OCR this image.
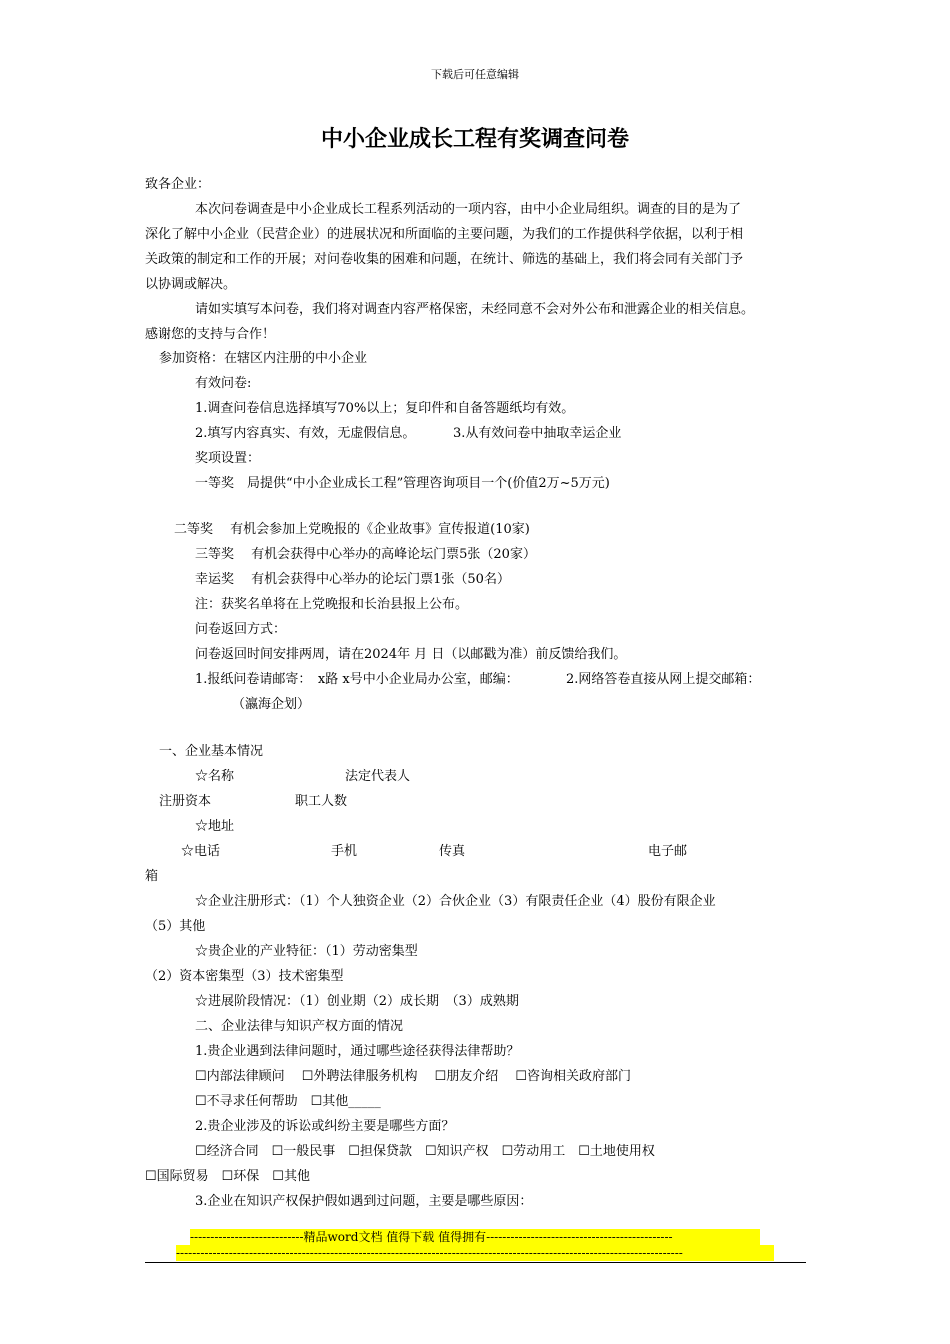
下载后可任意编辑
中小企业成长工程有奖调查问卷
致各企业：
本次问卷调查是中小企业成长工程系列活动的一项内容，由中小企业局组织。调查的目的是为了
深化了解中小企业（民营企业）的进展状况和所面临的主要问题，为我们的工作提供科学依据，以利于相
关政策的制定和工作的开展；对问卷收集的困难和问题，在统计、筛选的基础上，我们将会同有关部门予
以协调或解决。
请如实填写本问卷，我们将对调查内容严格保密，未经同意不会对外公布和泄露企业的相关信息。
感谢您的支持与合作！
参加资格：在辖区内注册的中小企业
有效问卷:
1.调查问卷信息选择填写70%以上；复印件和自备答题纸均有效。
2.填写内容真实、有效，无虚假信息。	3.从有效问卷中抽取幸运企业
奖项设置：
一等奖　局提供“中小企业成长工程”管理咨询项目一个(价值2万~5万元)
二等奖　 有机会参加上党晚报的《企业故事》宣传报道(10家)
三等奖　 有机会获得中心举办的高峰论坛门票5张（20家）
幸运奖　 有机会获得中心举办的论坛门票1张（50名）
注：获奖名单将在上党晚报和长治县报上公布。
问卷返回方式：
问卷返回时间安排两周，请在2024年 月 日（以邮戳为准）前反馈给我们。
1.报纸问卷请邮寄：　x路 x号中小企业局办公室，邮编：	2.网络答卷直接从网上提交邮箱：
（瀛海企划）
一、企业基本情况
☆名称	法定代表人
注册资本	职工人数
☆地址
☆电话	手机	传真	电子邮
箱
☆企业注册形式：（1）个人独资企业（2）合伙企业（3）有限责任企业（4）股份有限企业
（5）其他
☆贵企业的产业特征：（1）劳动密集型
（2）资本密集型（3）技术密集型
☆进展阶段情况：（1）创业期（2）成长期　（3）成熟期
二、企业法律与知识产权方面的情况
1.贵企业遇到法律问题时，通过哪些途径获得法律帮助？
☐内部法律顾问　 ☐外聘法律服务机构　 ☐朋友介绍　 ☐咨询相关政府部门
☐不寻求任何帮助　☐其他_____
2.贵企业涉及的诉讼或纠纷主要是哪些方面？
☐经济合同　☐一般民事　☐担保贷款　☐知识产权　☐劳动用工　☐土地使用权
☐国际贸易　☐环保　☐其他
3.企业在知识产权保护假如遇到过问题，主要是哪些原因：
----------------------------精品word文档 值得下载 值得拥有----------------------------------------------
-----------------------------------------------------------------------------------------------------------------------------
